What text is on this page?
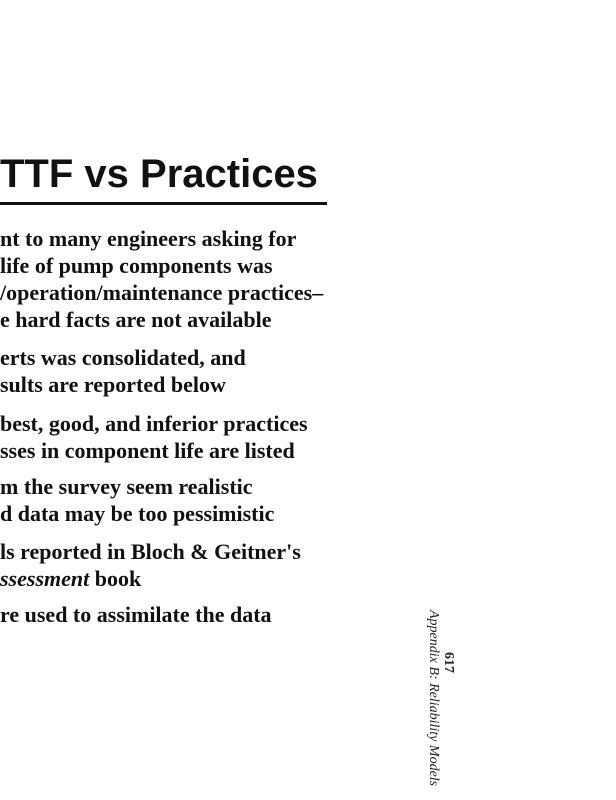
TTF vs Practices
nt to many engineers asking for
life of pump components was
/operation/maintenance practices–
e hard facts are not available
erts was consolidated, and
sults are reported below
best, good, and inferior practices
sses in component life are listed
m the survey seem realistic
d data may be too pessimistic
ls reported in Bloch & Geitner's
ssessment book
re used to assimilate the data	Appendix B: Reliability Models 617
